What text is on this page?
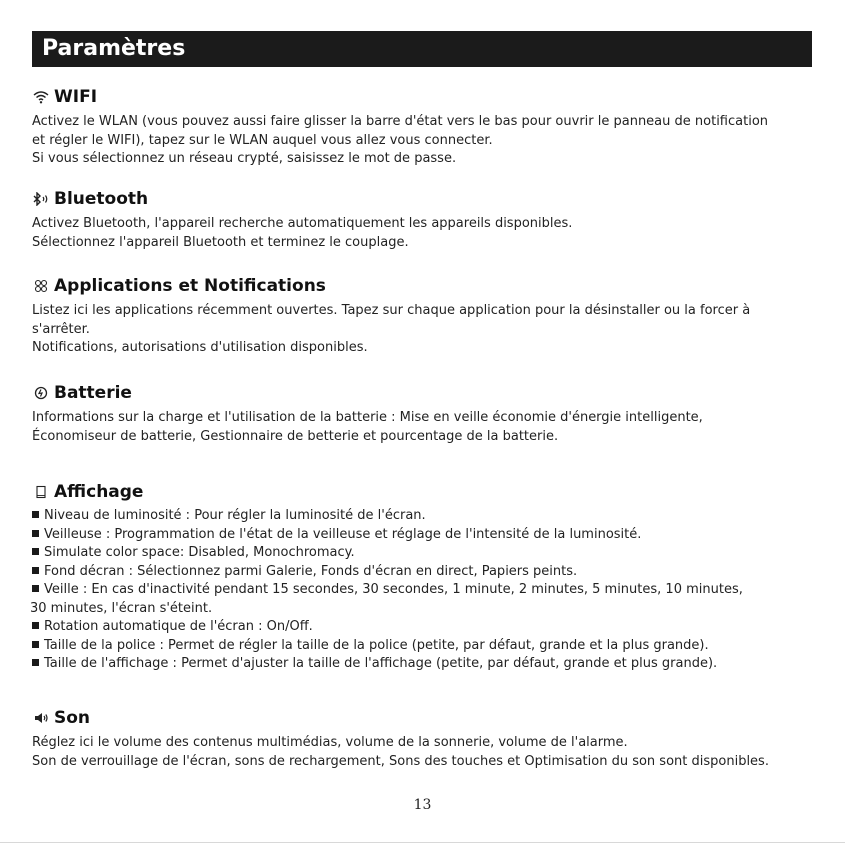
Paramètres
WIFI

Activez le WLAN (vous pouvez aussi faire glisser la barre d'état vers le bas pour ouvrir le panneau de notification

et régler le WIFI), tapez sur le WLAN auquel vous allez vous connecter.

Si vous sélectionnez un réseau crypté, saisissez le mot de passe.

Bluetooth

Activez Bluetooth, l'appareil recherche automatiquement les appareils disponibles.

Sélectionnez l'appareil Bluetooth et terminez le couplage.

Applications et Notifications

Listez ici les applications récemment ouvertes. Tapez sur chaque application pour la désinstaller ou la forcer à

s'arrêter.

Notifications, autorisations d'utilisation disponibles.

Batterie

Informations sur la charge et l'utilisation de la batterie : Mise en veille économie d'énergie intelligente,

Économiseur de batterie, Gestionnaire de betterie et pourcentage de la batterie.

Affichage
Niveau de luminosité : Pour régler la luminosité de l'écran.
Veilleuse : Programmation de l'état de la veilleuse et réglage de l'intensité de la luminosité.
Simulate color space: Disabled, Monochromacy.
Fond décran : Sélectionnez parmi Galerie, Fonds d'écran en direct, Papiers peints.
Veille : En cas d'inactivité pendant 15 secondes, 30 secondes, 1 minute, 2 minutes, 5 minutes, 10 minutes,
30 minutes, l'écran s'éteint.
Rotation automatique de l'écran : On/Off.
Taille de la police : Permet de régler la taille de la police (petite, par défaut, grande et la plus grande).
Taille de l'affichage : Permet d'ajuster la taille de l'affichage (petite, par défaut, grande et plus grande).
Son

Réglez ici le volume des contenus multimédias, volume de la sonnerie, volume de l'alarme.

Son de verrouillage de l'écran, sons de rechargement, Sons des touches et Optimisation du son sont disponibles.

13
